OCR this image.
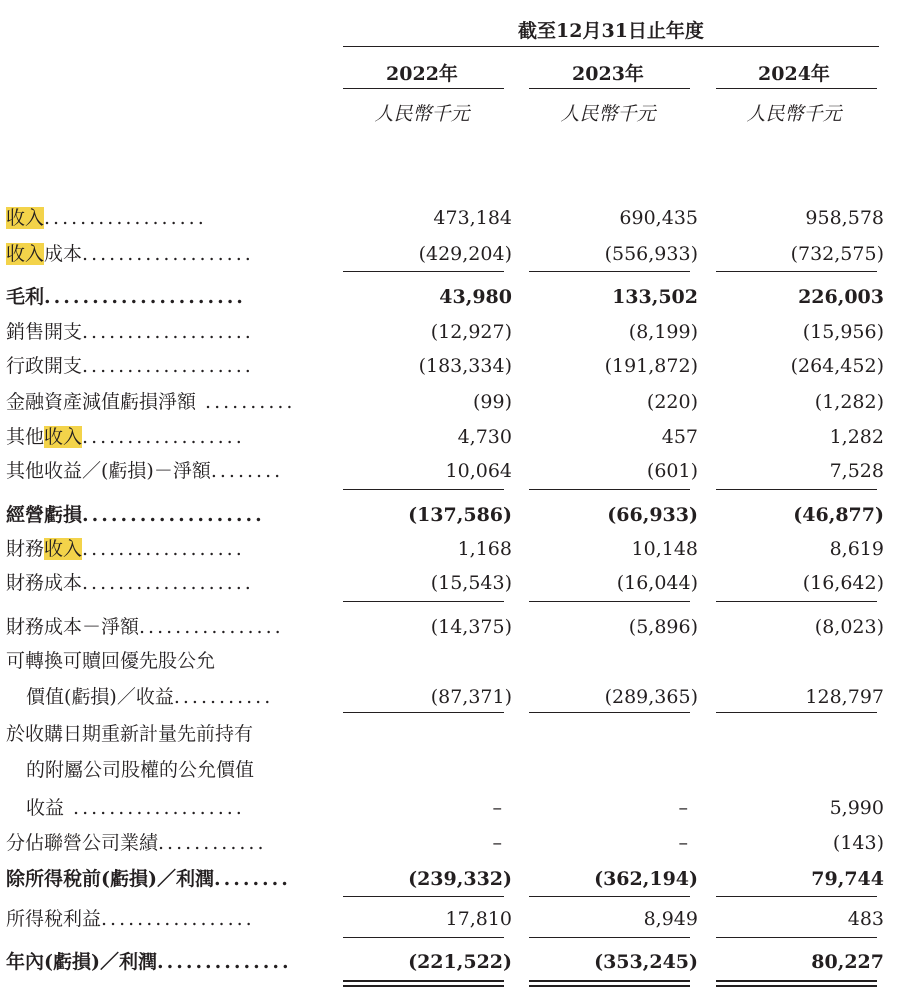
截至12月31日止年度
2022年	2023年	2024年
人民幣千元	人民幣千元	人民幣千元
收入..................	473,184	690,435	958,578
收入成本...................	(429,204)	(556,933)	(732,575)
毛利.....................	43,980	133,502	226,003
銷售開支...................	(12,927)	(8,199)	(15,956)
行政開支...................	(183,334)	(191,872)	(264,452)
金融資產減值虧損淨額 ..........	(99)	(220)	(1,282)
其他收入..................	4,730	457	1,282
其他收益／(虧損)－淨額........	10,064	(601)	7,528
經營虧損...................	(137,586)	(66,933)	(46,877)
財務收入..................	1,168	10,148	8,619
財務成本...................	(15,543)	(16,044)	(16,642)
財務成本－淨額................	(14,375)	(5,896)	(8,023)
可轉換可贖回優先股公允
價值(虧損)／收益...........	(87,371)	(289,365)	128,797
於收購日期重新計量先前持有
的附屬公司股權的公允價值
收益 ...................	–	–	5,990
分佔聯營公司業績............	–	–	(143)
除所得稅前(虧損)／利潤........	(239,332)	(362,194)	79,744
所得稅利益.................	17,810	8,949	483
年內(虧損)／利潤..............	(221,522)	(353,245)	80,227
